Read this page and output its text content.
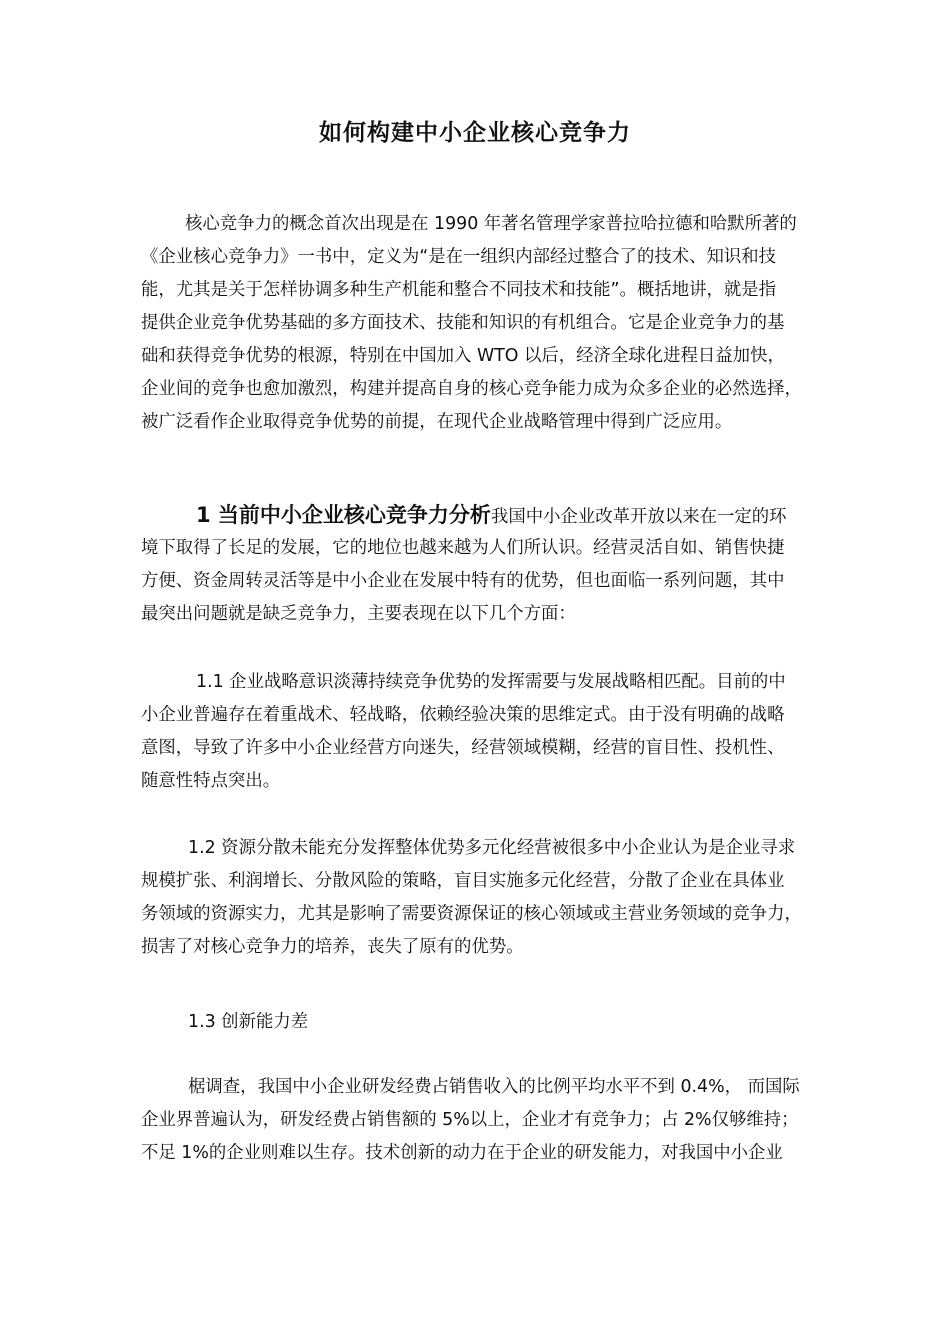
如何构建中小企业核心竞争力
核心竞争力的概念首次出现是在 1990 年著名管理学家普拉哈拉德和哈默所著的
《企业核心竞争力》一书中，定义为“是在一组织内部经过整合了的技术、知识和技
能，尤其是关于怎样协调多种生产机能和整合不同技术和技能”。概括地讲，就是指
提供企业竞争优势基础的多方面技术、技能和知识的有机组合。它是企业竞争力的基
础和获得竞争优势的根源，特别在中国加入 WTO 以后，经济全球化进程日益加快，
企业间的竞争也愈加激烈，构建并提高自身的核心竞争能力成为众多企业的必然选择，
被广泛看作企业取得竞争优势的前提，在现代企业战略管理中得到广泛应用。
1 当前中小企业核心竞争力分析我国中小企业改革开放以来在一定的环
境下取得了长足的发展，它的地位也越来越为人们所认识。经营灵活自如、销售快捷
方便、资金周转灵活等是中小企业在发展中特有的优势，但也面临一系列问题，其中
最突出问题就是缺乏竞争力，主要表现在以下几个方面：
1.1 企业战略意识淡薄持续竞争优势的发挥需要与发展战略相匹配。目前的中
小企业普遍存在着重战术、轻战略，依赖经验决策的思维定式。由于没有明确的战略
意图，导致了许多中小企业经营方向迷失，经营领域模糊，经营的盲目性、投机性、
随意性特点突出。
1.2 资源分散未能充分发挥整体优势多元化经营被很多中小企业认为是企业寻求
规模扩张、利润增长、分散风险的策略，盲目实施多元化经营，分散了企业在具体业
务领域的资源实力，尤其是影响了需要资源保证的核心领域或主营业务领域的竞争力，
损害了对核心竞争力的培养，丧失了原有的优势。
1.3 创新能力差
椐调查，我国中小企业研发经费占销售收入的比例平均水平不到 0.4%， 而国际
企业界普遍认为，研发经费占销售额的 5%以上，企业才有竞争力；占 2%仅够维持；
不足 1%的企业则难以生存。技术创新的动力在于企业的研发能力，对我国中小企业
